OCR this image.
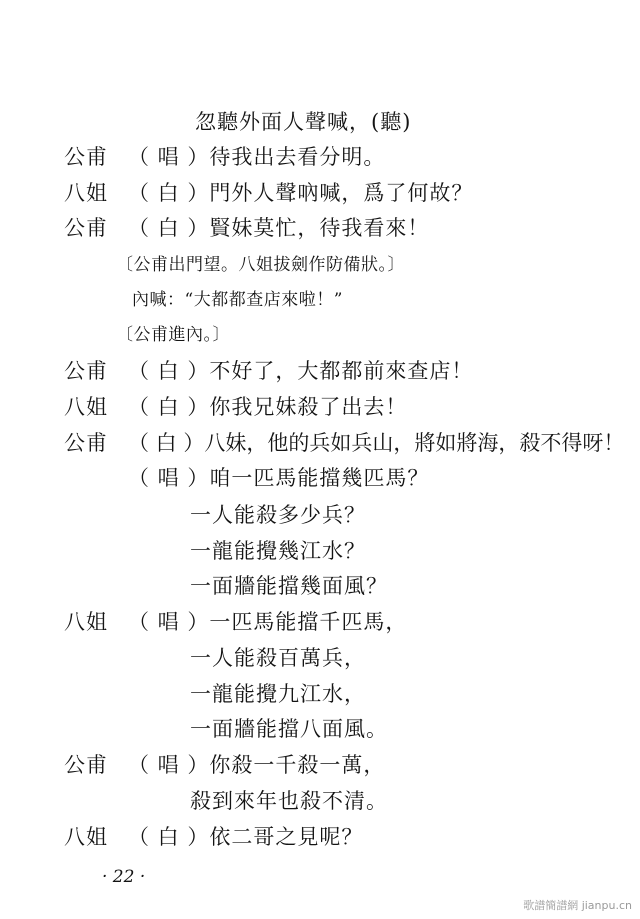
忽聽外面人聲喊，(聽)
公甫 （ 唱 ）待我出去看分明。
八姐 （ 白 ）門外人聲吶喊，爲了何故？
公甫 （ 白 ）賢妹莫忙，待我看來！
〔公甫出門望。八姐拔劍作防備狀。〕
內喊：“大都都查店來啦！”
〔公甫進內。〕
公甫 （ 白 ）不好了，大都都前來查店！
八姐 （ 白 ）你我兄妹殺了出去！
公甫 （ 白 ）八妹，他的兵如兵山，將如將海，殺不得呀！
（ 唱 ）咱一匹馬能擋幾匹馬？
一人能殺多少兵？
一龍能攪幾江水？
一面牆能擋幾面風？
八姐 （ 唱 ）一匹馬能擋千匹馬，
一人能殺百萬兵，
一龍能攪九江水，
一面牆能擋八面風。
公甫 （ 唱 ）你殺一千殺一萬，
殺到來年也殺不清。
八姐 （ 白 ）依二哥之見呢？
· 22 ·
歌譜簡譜網 jianpu.cn
